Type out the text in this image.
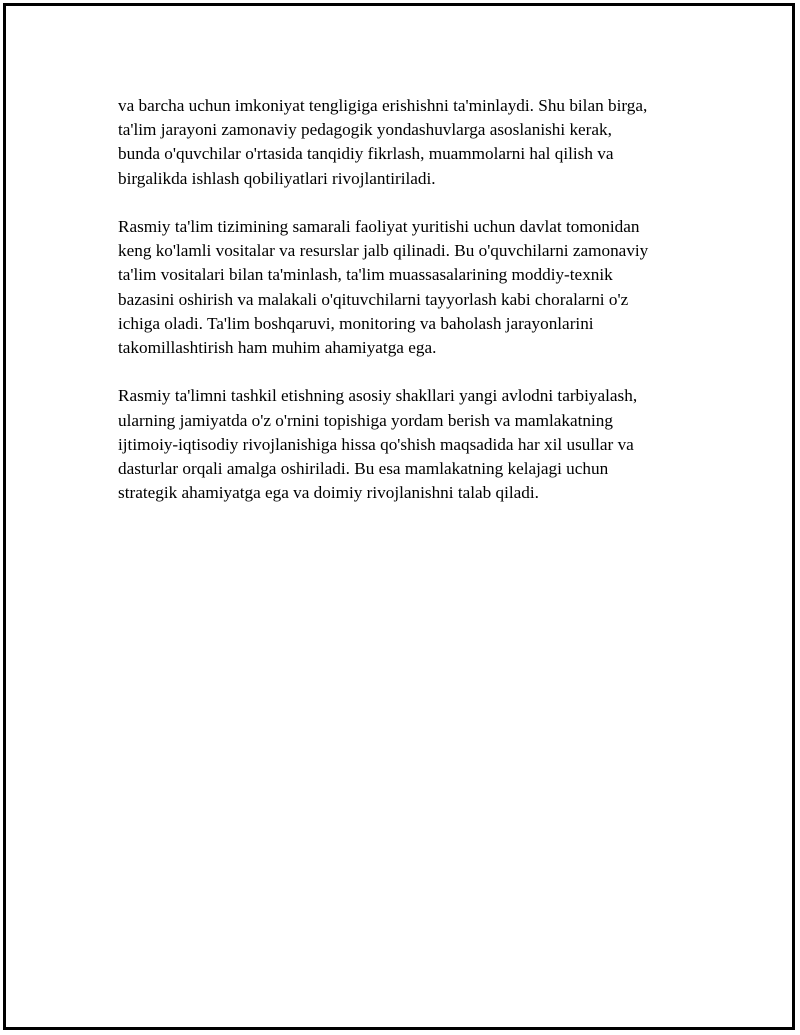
va barcha uchun imkoniyat tengligiga erishishni ta'minlaydi. Shu bilan birga,
ta'lim jarayoni zamonaviy pedagogik yondashuvlarga asoslanishi kerak,
bunda o'quvchilar o'rtasida tanqidiy fikrlash, muammolarni hal qilish va
birgalikda ishlash qobiliyatlari rivojlantiriladi.

Rasmiy ta'lim tizimining samarali faoliyat yuritishi uchun davlat tomonidan
keng ko'lamli vositalar va resurslar jalb qilinadi. Bu o'quvchilarni zamonaviy
ta'lim vositalari bilan ta'minlash, ta'lim muassasalarining moddiy-texnik
bazasini oshirish va malakali o'qituvchilarni tayyorlash kabi choralarni o'z
ichiga oladi. Ta'lim boshqaruvi, monitoring va baholash jarayonlarini
takomillashtirish ham muhim ahamiyatga ega.

Rasmiy ta'limni tashkil etishning asosiy shakllari yangi avlodni tarbiyalash,
ularning jamiyatda o'z o'rnini topishiga yordam berish va mamlakatning
ijtimoiy-iqtisodiy rivojlanishiga hissa qo'shish maqsadida har xil usullar va
dasturlar orqali amalga oshiriladi. Bu esa mamlakatning kelajagi uchun
strategik ahamiyatga ega va doimiy rivojlanishni talab qiladi.
